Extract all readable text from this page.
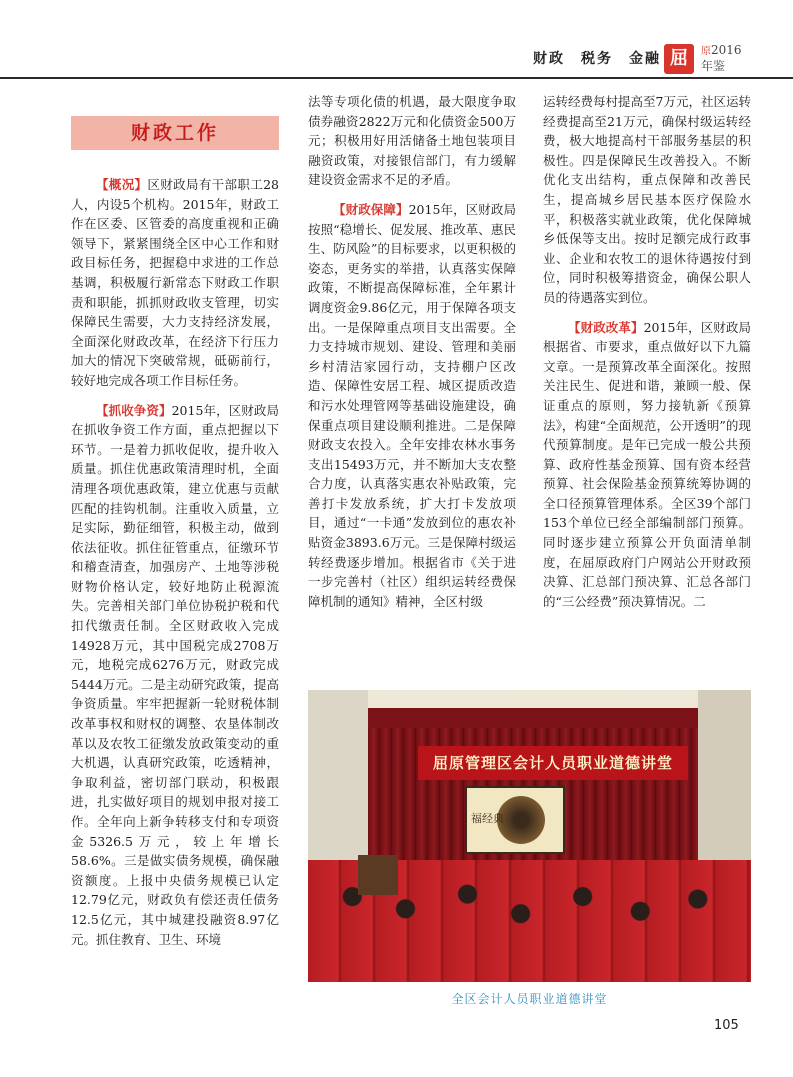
财政　税务　金融 屈	原2016
年鉴
财政工作

【概况】区财政局有干部职工28人，内设5个机构。2015年，财政工作在区委、区管委的高度重视和正确领导下，紧紧围绕全区中心工作和财政目标任务，把握稳中求进的工作总基调，积极履行新常态下财政工作职责和职能，抓抓财政收支管理，切实保障民生需要，大力支持经济发展，全面深化财政改革，在经济下行压力加大的情况下突破常规，砥砺前行，较好地完成各项工作目标任务。

【抓收争资】2015年，区财政局在抓收争资工作方面，重点把握以下环节。一是着力抓收促收，提升收入质量。抓住优惠政策清理时机，全面清理各项优惠政策，建立优惠与贡献匹配的挂钩机制。注重收入质量，立足实际，勤征细管，积极主动，做到依法征收。抓住征管重点，征缴环节和稽查清查，加强房产、土地等涉税财物价格认定，较好地防止税源流失。完善相关部门单位协税护税和代扣代缴责任制。全区财政收入完成14928万元，其中国税完成2708万元，地税完成6276万元，财政完成5444万元。二是主动研究政策，提高争资质量。牢牢把握新一轮财税体制改革事权和财权的调整、农垦体制改革以及农牧工征缴发放政策变动的重大机遇，认真研究政策，吃透精神，争取利益，密切部门联动，积极跟进，扎实做好项目的规划申报对接工作。全年向上新争转移支付和专项资金5326.5万元，较上年增长58.6%。三是做实债务规模，确保融资额度。上报中央债务规模已认定12.79亿元，财政负有偿还责任债务12.5亿元，其中城建投融资8.97亿元。抓住教育、卫生、环境

法等专项化债的机遇，最大限度争取债券融资2822万元和化债资金500万元；积极用好用活储备土地包装项目融资政策，对接银信部门，有力缓解建设资金需求不足的矛盾。

【财政保障】2015年，区财政局按照“稳增长、促发展、推改革、惠民生、防风险”的目标要求，以更积极的姿态，更务实的举措，认真落实保障政策，不断提高保障标准，全年累计调度资金9.86亿元，用于保障各项支出。一是保障重点项目支出需要。全力支持城市规划、建设、管理和美丽乡村清洁家园行动，支持棚户区改造、保障性安居工程、城区提质改造和污水处理管网等基础设施建设，确保重点项目建设顺利推进。二是保障财政支农投入。全年安排农林水事务支出15493万元，并不断加大支农整合力度，认真落实惠农补贴政策，完善打卡发放系统，扩大打卡发放项目，通过“一卡通”发放到位的惠农补贴资金3893.6万元。三是保障村级运转经费逐步增加。根据省市《关于进一步完善村（社区）组织运转经费保障机制的通知》精神，全区村级

运转经费每村提高至7万元，社区运转经费提高至21万元，确保村级运转经费，极大地提高村干部服务基层的积极性。四是保障民生改善投入。不断优化支出结构，重点保障和改善民生，提高城乡居民基本医疗保险水平，积极落实就业政策，优化保障城乡低保等支出。按时足额完成行政事业、企业和农牧工的退休待遇按付到位，同时积极筹措资金，确保公职人员的待遇落实到位。

【财政改革】2015年，区财政局根据省、市要求，重点做好以下九篇文章。一是预算改革全面深化。按照关注民生、促进和谐，兼顾一般、保证重点的原则，努力接轨新《预算法》，构建“全面规范，公开透明”的现代预算制度。是年已完成一般公共预算、政府性基金预算、国有资本经营预算、社会保险基金预算统筹协调的全口径预算管理体系。全区39个部门153个单位已经全部编制部门预算。同时逐步建立预算公开负面清单制度，在屈原政府门户网站公开财政预决算、汇总部门预决算、汇总各部门的“三公经费”预决算情况。二

屈原管理区会计人员职业道德讲堂
福经典
全区会计人员职业道德讲堂
105
